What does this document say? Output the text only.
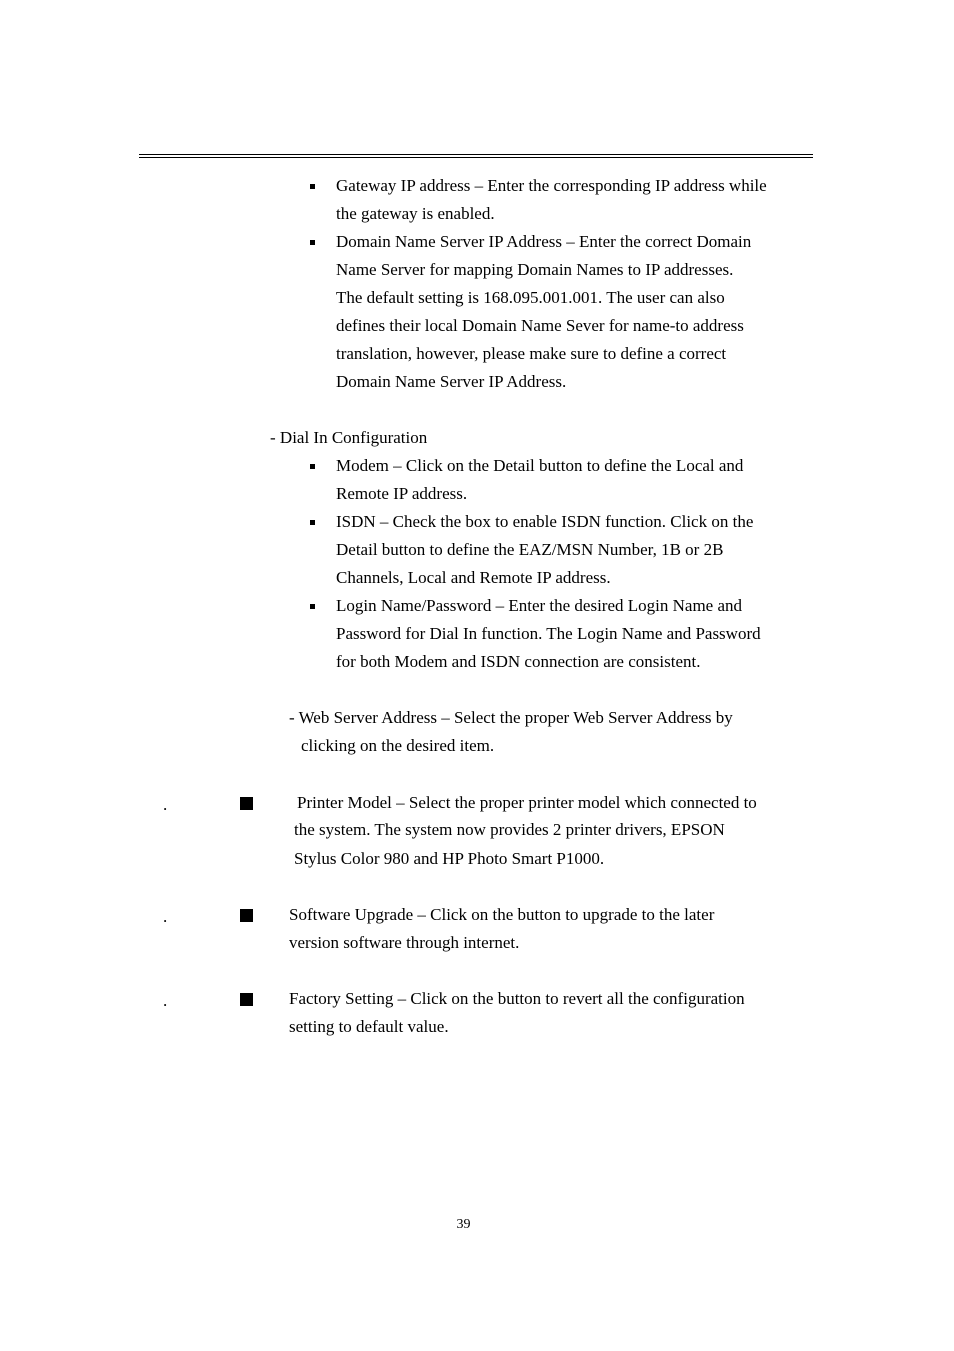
Gateway IP address – Enter the corresponding IP address while
the gateway is enabled.
Domain Name Server IP Address – Enter the correct Domain
Name Server for mapping Domain Names to IP addresses.
The default setting is 168.095.001.001. The user can also
defines their local Domain Name Sever for name-to address
translation, however, please make sure to define a correct
Domain Name Server IP Address.
- Dial In Configuration
Modem – Click on the Detail button to define the Local and
Remote IP address.
ISDN – Check the box to enable ISDN function. Click on the
Detail button to define the EAZ/MSN Number, 1B or 2B
Channels, Local and Remote IP address.
Login Name/Password – Enter the desired Login Name and
Password for Dial In function. The Login Name and Password
for both Modem and ISDN connection are consistent.
- Web Server Address – Select the proper Web Server Address by
clicking on the desired item.
.	Printer Model – Select the proper printer model which connected to
the system. The system now provides 2 printer drivers, EPSON
Stylus Color 980 and HP Photo Smart P1000.
.	Software Upgrade – Click on the button to upgrade to the later
version software through internet.
.	Factory Setting – Click on the button to revert all the configuration
setting to default value.
39
